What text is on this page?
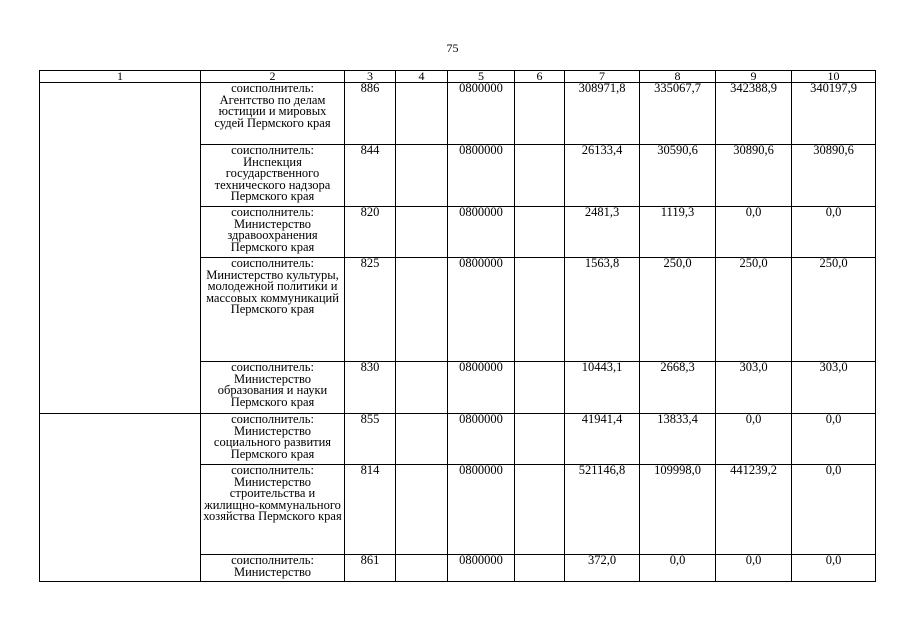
75
1	2	3	4	5	6	7	8	9	10
	соисполнитель: Агентство по делам юстиции и мировых судей Пермского края	886		0800000		308971,8	335067,7	342388,9	340197,9
	соисполнитель: Инспекция государственного технического надзора Пермского края	844		0800000		26133,4	30590,6	30890,6	30890,6
	соисполнитель: Министерство здравоохранения Пермского края	820		0800000		2481,3	1119,3	0,0	0,0
	соисполнитель: Министерство культуры, молодежной политики и массовых коммуникаций Пермского края	825		0800000		1563,8	250,0	250,0	250,0
	соисполнитель: Министерство образования и науки Пермского края	830		0800000		10443,1	2668,3	303,0	303,0
	соисполнитель: Министерство социального развития Пермского края	855		0800000		41941,4	13833,4	0,0	0,0
	соисполнитель: Министерство строительства и жилищно-коммунального хозяйства Пермского края	814		0800000		521146,8	109998,0	441239,2	0,0
	соисполнитель: Министерство	861		0800000		372,0	0,0	0,0	0,0
